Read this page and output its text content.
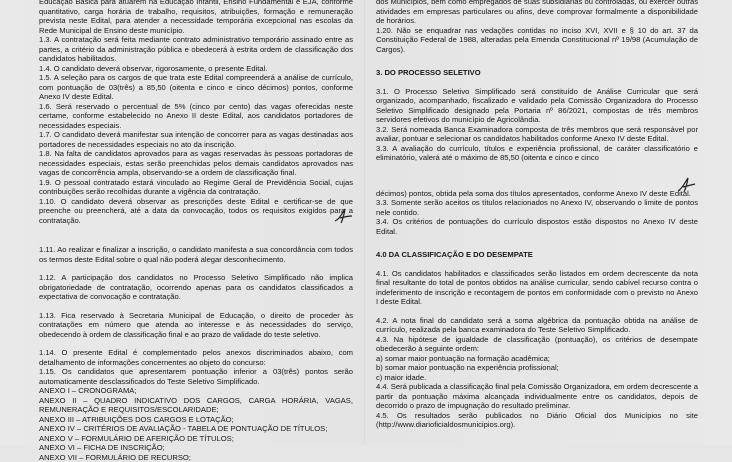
Educação Básica para atuarem na Educação Infantil, Ensino Fundamental e EJA, conforme quantitativo, carga horária de trabalho, requisitos, atribuições, formação e remuneração prevista neste Edital, para atender a necessidade temporária excepcional nas escolas da Rede Municipal de Ensino deste município.

1.3. A contratação será feita mediante contrato administrativo temporário assinado entre as partes, a critério da administração pública e obedecerá à estrita ordem de classificação dos candidatos habilitados.

1.4. O candidato deverá observar, rigorosamente, o presente Edital.

1.5. A seleção para os cargos de que trata este Edital compreenderá a análise de currículo, com pontuação de 03(três) a 85,50 (oitenta e cinco e cinco décimos) pontos, conforme Anexo IV deste Edital.

1.6. Será reservado o percentual de 5% (cinco por cento) das vagas oferecidas neste certame, conforme estabelecido no Anexo II deste Edital, aos candidatos portadores de necessidades especiais.

1.7. O candidato deverá manifestar sua intenção de concorrer para as vagas destinadas aos portadores de necessidades especiais no ato da inscrição.

1.8. Na falta de candidatos aprovados para as vagas reservadas às pessoas portadoras de necessidades especiais, estas serão preenchidas pelos demais candidatos aprovados nas vagas de concorrência ampla, observando-se a ordem de classificação final.

1.9. O pessoal contratado estará vinculado ao Regime Geral de Previdência Social, cujas contribuições serão recolhidas durante a vigência da contratação.

1.10. O candidato deverá observar as prescrições deste Edital e certificar-se de que preenche ou preencherá, até a data da convocação, todos os requisitos exigidos para a contratação.

1.11. Ao realizar e finalizar a inscrição, o candidato manifesta a sua concordância com todos os termos deste Edital sobre o qual não poderá alegar desconhecimento.

1.12. A participação dos candidatos no Processo Seletivo Simplificado não implica obrigatoriedade de contratação, ocorrendo apenas para os candidatos classificados a expectativa de convocação e contratação.

1.13. Fica reservado à Secretaria Municipal de Educação, o direito de proceder às contratações em número que atenda ao interesse e às necessidades do serviço, obedecendo à ordem de classificação final e ao prazo de validade do teste seletivo.

1.14. O presente Edital é complementado pelos anexos discriminados abaixo, com detalhamento de informações concernentes ao objeto do concurso:

1.15. Os candidatos que apresentarem pontuação inferior a 03(três) pontos serão automaticamente desclassificados do Teste Seletivo Simplificado.

ANEXO I – CRONOGRAMA;

ANEXO II – QUADRO INDICATIVO DOS CARGOS, CARGA HORÁRIA, VAGAS, REMUNERAÇÃO E REQUISITOS/ESCOLARIDADE;

ANEXO III – ATRIBUIÇÕES DOS CARGOS E LOTAÇÃO;

ANEXO IV – CRITÉRIOS DE AVALIAÇÃO - TABELA DE PONTUAÇÃO DE TÍTULOS;

ANEXO V – FORMULÁRIO DE AFERIÇÃO DE TÍTULOS;

ANEXO VI – FICHA DE INSCRIÇÃO;

ANEXO VII – FORMULÁRIO DE RECURSO;

dos Municípios, bem como empregados de suas subsidiárias ou controladas, ou exercer outras atividades em empresas particulares ou afins, deve comprovar formalmente a disponibilidade de horários.

1.20. Não se enquadrar nas vedações contidas no inciso XVI, XVII e § 10 do art. 37 da Constituição Federal de 1988, alteradas pela Emenda Constitucional nº 19/98 (Acumulação de Cargos).

3. DO PROCESSO SELETIVO

3.1. O Processo Seletivo Simplificado será constituído de Análise Curricular que será organizado, acompanhado, fiscalizado e validado pela Comissão Organizadora do Processo Seletivo Simplificado designado pela Portaria nº 86/2021, compostas de três membros servidores efetivos do município de Agricolândia.

3.2. Será nomeada Banca Examinadora composta de três membros que será responsável por avaliar, pontuar e selecionar os candidatos habilitados conforme Anexo IV deste Edital.

3.3. A avaliação do currículo, títulos e experiência profissional, de caráter classificatório e eliminatório, valerá até o máximo de 85,50 (oitenta e cinco e cinco

décimos) pontos, obtida pela soma dos títulos apresentados, conforme Anexo IV deste Edital.

3.3. Somente serão aceitos os títulos relacionados no Anexo IV, observando o limite de pontos nele contido.

3.4. Os critérios de pontuações do currículo dispostos estão dispostos no Anexo IV deste Edital.

4.0 DA CLASSIFICAÇÃO E DO DESEMPATE

4.1. Os candidatos habilitados e classificados serão listados em ordem decrescente da nota final resultante do total de pontos obtidos na análise curricular, sendo cabível recurso contra o indeferimento de inscrição e recontagem de pontos em conformidade com o previsto no Anexo I deste Edital.

4.2. A nota final do candidato será a soma algébrica da pontuação obtida na análise de currículo, realizada pela banca examinadora do Teste Seletivo Simplificado.

4.3. Na hipótese de igualdade de classificação (pontuação), os critérios de desempate obedecerão à seguinte ordem:

a) somar maior pontuação na formação acadêmica;

b) somar maior pontuação na experiência profissional;

c) maior idade.

4.4. Será publicada a classificação final pela Comissão Organizadora, em ordem decrescente a partir da pontuação máxima alcançada individualmente entre os candidatos, depois de decorrido o prazo de impugnação do resultado preliminar.

4.5. Os resultados serão publicados no Diário Oficial dos Municípios no site (http://www.diarioficialdosmunicipios.org).
